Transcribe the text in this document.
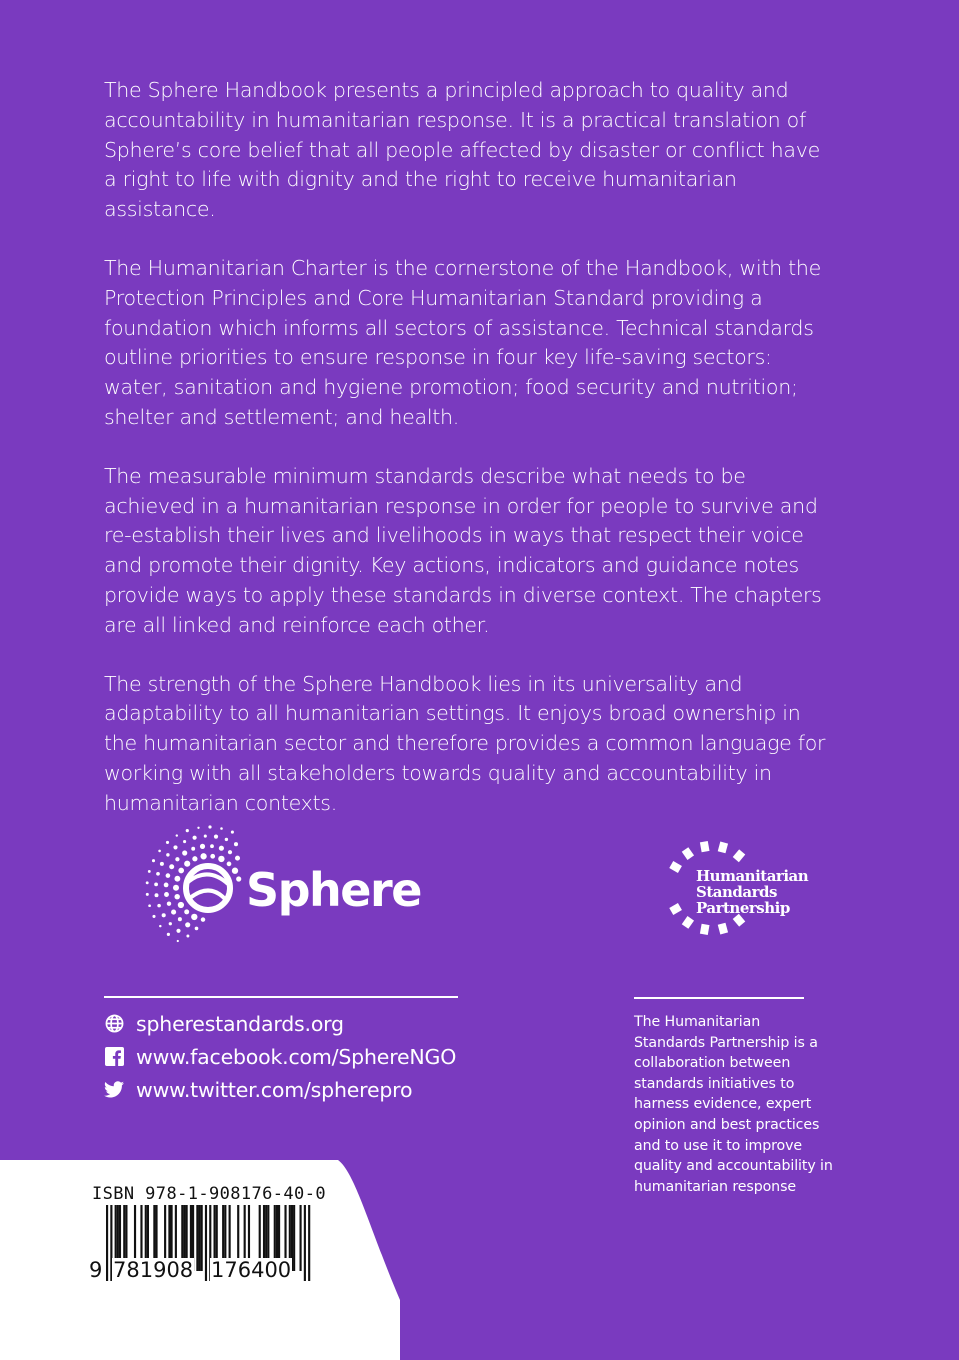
The Sphere Handbook presents a principled approach to quality and accountability in humanitarian response. It is a practical translation of Sphere’s core belief that all people affected by disaster or conflict have a right to life with dignity and the right to receive humanitarian assistance.

The Humanitarian Charter is the cornerstone of the Handbook, with the Protection Principles and Core Humanitarian Standard providing a foundation which informs all sectors of assistance. Technical standards outline priorities to ensure response in four key life-saving sectors: water, sanitation and hygiene promotion; food security and nutrition; shelter and settlement; and health.

The measurable minimum standards describe what needs to be achieved in a humanitarian response in order for people to survive and re-establish their lives and livelihoods in ways that respect their voice and promote their dignity. Key actions, indicators and guidance notes provide ways to apply these standards in diverse context. The chapters are all linked and reinforce each other.

The strength of the Sphere Handbook lies in its universality and adaptability to all humanitarian settings. It enjoys broad ownership in the humanitarian sector and therefore provides a common language for working with all stakeholders towards quality and accountability in humanitarian contexts.

Sphere	Humanitarian
Standards
Partnership
spherestandards.org
www.facebook.com/SphereNGO
www.twitter.com/spherepro
The Humanitarian Standards Partnership is a collaboration between standards initiatives to harness evidence, expert opinion and best practices and to use it to improve quality and accountability in humanitarian response
ISBN 978-1-908176-40-0
9 781908 176400
